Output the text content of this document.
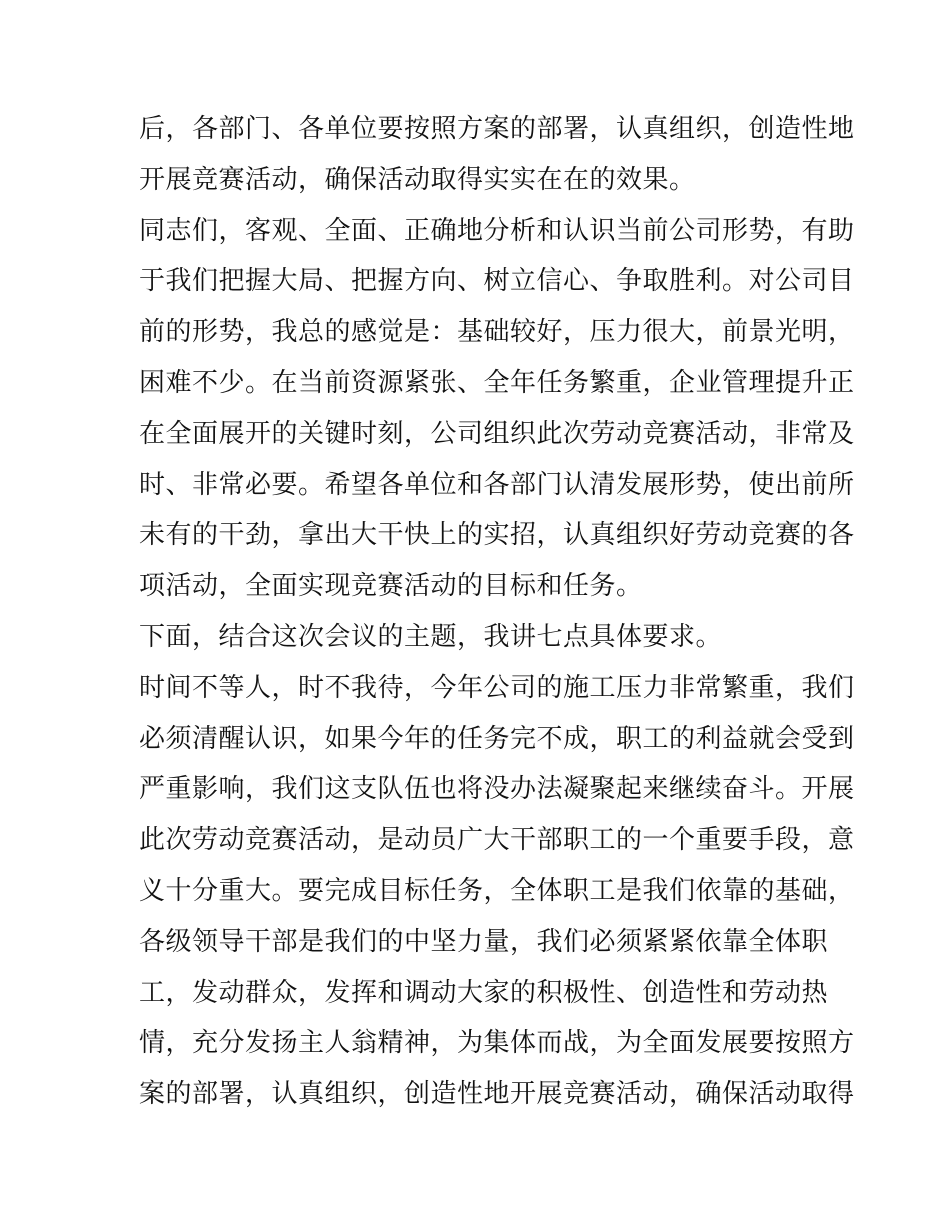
后，各部门、各单位要按照方案的部署，认真组织，创造性地
开展竞赛活动，确保活动取得实实在在的效果。
同志们，客观、全面、正确地分析和认识当前公司形势，有助
于我们把握大局、把握方向、树立信心、争取胜利。对公司目
前的形势，我总的感觉是：基础较好，压力很大，前景光明，
困难不少。在当前资源紧张、全年任务繁重，企业管理提升正
在全面展开的关键时刻，公司组织此次劳动竞赛活动，非常及
时、非常必要。希望各单位和各部门认清发展形势，使出前所
未有的干劲，拿出大干快上的实招，认真组织好劳动竞赛的各
项活动，全面实现竞赛活动的目标和任务。
下面，结合这次会议的主题，我讲七点具体要求。
时间不等人，时不我待，今年公司的施工压力非常繁重，我们
必须清醒认识，如果今年的任务完不成，职工的利益就会受到
严重影响，我们这支队伍也将没办法凝聚起来继续奋斗。开展
此次劳动竞赛活动，是动员广大干部职工的一个重要手段，意
义十分重大。要完成目标任务，全体职工是我们依靠的基础，
各级领导干部是我们的中坚力量，我们必须紧紧依靠全体职
工，发动群众，发挥和调动大家的积极性、创造性和劳动热
情，充分发扬主人翁精神，为集体而战，为全面发展要按照方
案的部署，认真组织，创造性地开展竞赛活动，确保活动取得
